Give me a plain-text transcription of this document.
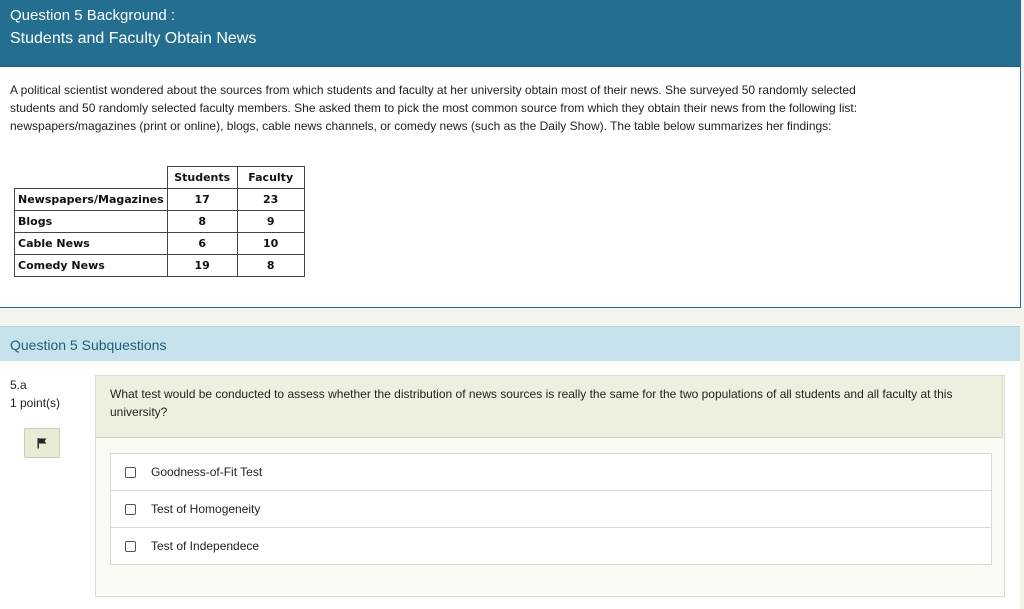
Question 5 Background :
Students and Faculty Obtain News
A political scientist wondered about the sources from which students and faculty at her university obtain most of their news. She surveyed 50 randomly selected students and 50 randomly selected faculty members. She asked them to pick the most common source from which they obtain their news from the following list: newspapers/magazines (print or online), blogs, cable news channels, or comedy news (such as the Daily Show). The table below summarizes her findings:
	Students	Faculty
Newspapers/Magazines	17	23
Blogs	8	9
Cable News	6	10
Comedy News	19	8
Question 5 Subquestions
5.a
1 point(s)
What test would be conducted to assess whether the distribution of news sources is really the same for the two populations of all students and all faculty at this university?
Goodness-of-Fit Test
Test of Homogeneity
Test of Independece
